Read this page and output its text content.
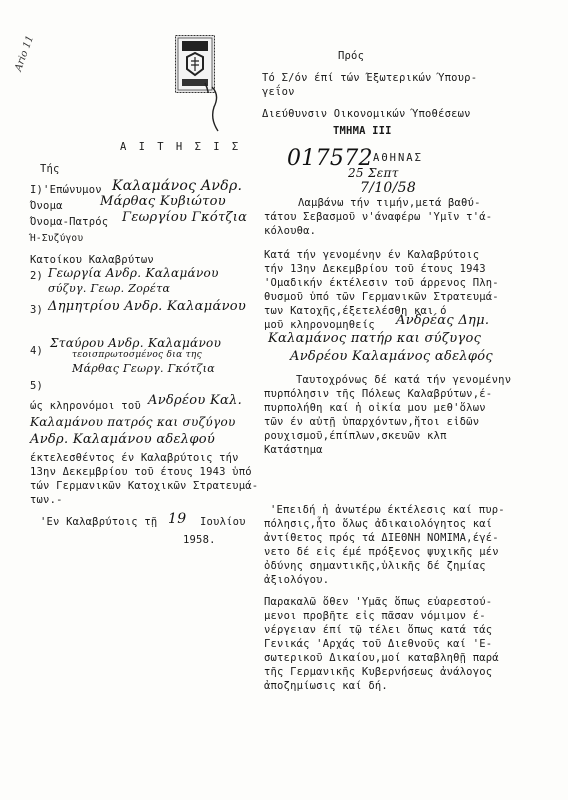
Ario 11	Πρός
Τό Σ/όν έπί τών Έξωτερικών Ύπουρ-
γεΐον
Διεύθυνσιν Οικονομικών Ύποθέσεων
ΤΜΗΜΑ ΙΙΙ
017572 ΑΘΗΝΑΣ
25 Σεπτ
7/10/58
Α Ι Τ Η Σ Ι Σ
Τής
Ι)'Επώνυμον Καλαμάνος Ανδρ.
Όνομα	Μάρθας Κυβιώτου
Όνομα-Πατρός Γεωργίου Γκότζια
Ή-Συζύγου
Κατοίκου Καλαβρύτων
2) Γεωργία Ανδρ. Καλαμάνου
σύζυγ. Γεωρ. Ζορέτα
3) Δημητρίου Ανδρ. Καλαμάνου
4)
Σταύρου Ανδρ. Καλαμάνου
τεοισπρωτοσμένος δια της
Μάρθας Γεωργ. Γκότζια
5)
ώς κληρονόμοι τοῦ Ανδρέου Καλ.
Καλαμάνου πατρός και συζύγου
Ανδρ. Καλαμάνου αδελφού
έκτελεσθέντος έν Καλαβρύτοις τήν
13ην Δεκεμβρίου τοῦ έτους 1943 ὑπό
τών Γερμανικῶν Κατοχικῶν Στρατευμά-
των.-
'Εν Καλαβρύτοις τῇ 19 Ιουλίου
1958.
Λαμβάνω τήν τιμήν,μετά βαθύ-
τάτου Σεβασμοῦ ν'άναφέρω 'Υμῖν τ'ά-
κόλουθα.
Κατά τήν γενομένην έν Καλαβρύτοις
τήν 13ην Δεκεμβρίου τοῦ έτους 1943
'Ομαδικήν έκτέλεσιν τοῦ άρρενος Πλη-
θυσμοῦ ὑπό τῶν Γερμανικῶν Στρατευμά-
των Κατοχῆς,έξετελέσθη και ό
μοῦ κληρονομηθείς Ανδρέας Δημ.
Καλαμάνος πατήρ και σύζυγος
Ανδρέου Καλαμάνος αδελφός
Ταυτοχρόνως δέ κατά τήν γενομένην
πυρπόλησιν τῆς Πόλεως Καλαβρύτων,έ-
πυρπολήθη καί ἡ οἰκία μου μεθ'ὅλων
τῶν έν αὐτῇ ὑπαρχόντων,ἤτοι εἰδῶν
ρουχισμοῦ,έπίπλων,σκευῶν κλπ
Κατάστημα
'Επειδή ἡ ἀνωτέρω έκτέλεσις καί πυρ-
πόλησις,ἧτο ὅλως ἀδικαιολόγητος καί
ἀντίθετος πρός τά ΔΙΕΘΝΗ ΝΟΜΙΜΑ,έγέ-
νετο δέ εἰς έμέ πρόξενος ψυχικῆς μέν
ὀδύνης σημαντικῆς,ὑλικῆς δέ ζημίας
ἀξιολόγου.
Παρακαλῶ ὅθεν 'Υμᾶς ὅπως εὐαρεστού-
μενοι προβῆτε εἰς πᾶσαν νόμιμον έ-
νέργειαν έπί τῷ τέλει ὅπως κατά τάς
Γενικάς 'Αρχάς τοῦ Διεθνοῦς καί 'Ε-
σωτερικοῦ Δικαίου,μοί καταβληθῇ παρά
τῆς Γερμανικῆς Κυβερνήσεως ἀνάλογος
ἀποζημίωσις καί δή.
